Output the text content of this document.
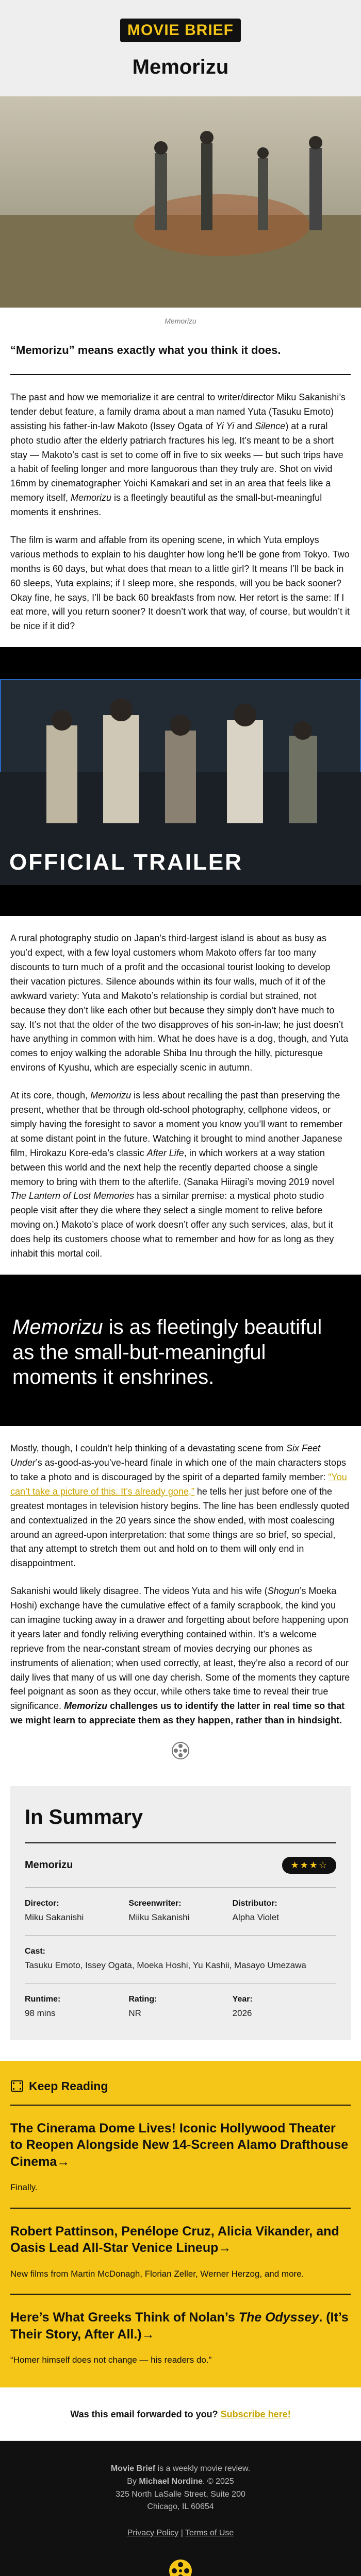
MOVIE BRIEF
Memorizu
Memorizu
“Memorizu” means exactly what you think it does.

The past and how we memorialize it are central to writer/director Miku Sakanishi’s tender debut feature, a family drama about a man named Yuta (Tasuku Emoto) assisting his father-in-law Makoto (Issey Ogata of Yi Yi and Silence) at a rural photo studio after the elderly patriarch fractures his leg. It’s meant to be a short stay — Makoto’s cast is set to come off in five to six weeks — but such trips have a habit of feeling longer and more languorous than they truly are. Shot on vivid 16mm by cinematographer Yoichi Kamakari and set in an area that feels like a memory itself, Memorizu is a fleetingly beautiful as the small-but-meaningful moments it enshrines.

The film is warm and affable from its opening scene, in which Yuta employs various methods to explain to his daughter how long he’ll be gone from Tokyo. Two months is 60 days, but what does that mean to a little girl? It means I’ll be back in 60 sleeps, Yuta explains; if I sleep more, she responds, will you be back sooner? Okay fine, he says, I’ll be back 60 breakfasts from now. Her retort is the same: If I eat more, will you return sooner? It doesn’t work that way, of course, but wouldn’t it be nice if it did?

OFFICIAL TRAILER

A rural photography studio on Japan’s third-largest island is about as busy as you’d expect, with a few loyal customers whom Makoto offers far too many discounts to turn much of a profit and the occasional tourist looking to develop their vacation pictures. Silence abounds within its four walls, much of it of the awkward variety: Yuta and Makoto’s relationship is cordial but strained, not because they don’t like each other but because they simply don’t have much to say. It’s not that the older of the two disapproves of his son-in-law; he just doesn’t have anything in common with him. What he does have is a dog, though, and Yuta comes to enjoy walking the adorable Shiba Inu through the hilly, picturesque environs of Kyushu, which are especially scenic in autumn.

At its core, though, Memorizu is less about recalling the past than preserving the present, whether that be through old-school photography, cellphone videos, or simply having the foresight to savor a moment you know you’ll want to remember at some distant point in the future. Watching it brought to mind another Japanese film, Hirokazu Kore-eda’s classic After Life, in which workers at a way station between this world and the next help the recently departed choose a single memory to bring with them to the afterlife. (Sanaka Hiiragi’s moving 2019 novel The Lantern of Lost Memories has a similar premise: a mystical photo studio people visit after they die where they select a single moment to relive before moving on.) Makoto’s place of work doesn’t offer any such services, alas, but it does help its customers choose what to remember and how for as long as they inhabit this mortal coil.

Memorizu is as fleetingly beautiful as the small-but-meaningful moments it enshrines.

Mostly, though, I couldn’t help thinking of a devastating scene from Six Feet Under’s as-good-as-you’ve-heard finale in which one of the main characters stops to take a photo and is discouraged by the spirit of a departed family member: “You can’t take a picture of this. It’s already gone,” he tells her just before one of the greatest montages in television history begins. The line has been endlessly quoted and contextualized in the 20 years since the show ended, with most coalescing around an agreed-upon interpretation: that some things are so brief, so special, that any attempt to stretch them out and hold on to them will only end in disappointment.

Sakanishi would likely disagree. The videos Yuta and his wife (Shogun’s Moeka Hoshi) exchange have the cumulative effect of a family scrapbook, the kind you can imagine tucking away in a drawer and forgetting about before happening upon it years later and fondly reliving everything contained within. It’s a welcome reprieve from the near-constant stream of movies decrying our phones as instruments of alienation; when used correctly, at least, they’re also a record of our daily lives that many of us will one day cherish. Some of the moments they capture feel poignant as soon as they occur, while others take time to reveal their true significance. Memorizu challenges us to identify the latter in real time so that we might learn to appreciate them as they happen, rather than in hindsight.

In Summary
Memorizu	★★★☆
Director:
Miku Sakanishi
Screenwriter:
Miiku Sakanishi
Distributor:
Alpha Violet
Cast:
Tasuku Emoto, Issey Ogata, Moeka Hoshi, Yu Kashii, Masayo Umezawa
Runtime:
98 mins
Rating:
NR
Year:
2026
Keep Reading
The Cinerama Dome Lives! Iconic Hollywood Theater to Reopen Alongside New 14-Screen Alamo Drafthouse Cinema→

Finally.

Robert Pattinson, Penélope Cruz, Alicia Vikander, and Oasis Lead All-Star Venice Lineup→

New films from Martin McDonagh, Florian Zeller, Werner Herzog, and more.

Here’s What Greeks Think of Nolan’s The Odyssey. (It’s Their Story, After All.)→

“Homer himself does not change — his readers do.”

Was this email forwarded to you? Subscribe here!
Movie Brief is a weekly movie review.
By Michael Nordine. © 2025
325 North LaSalle Street, Suite 200
Chicago, IL 60654
Privacy Policy | Terms of Use
